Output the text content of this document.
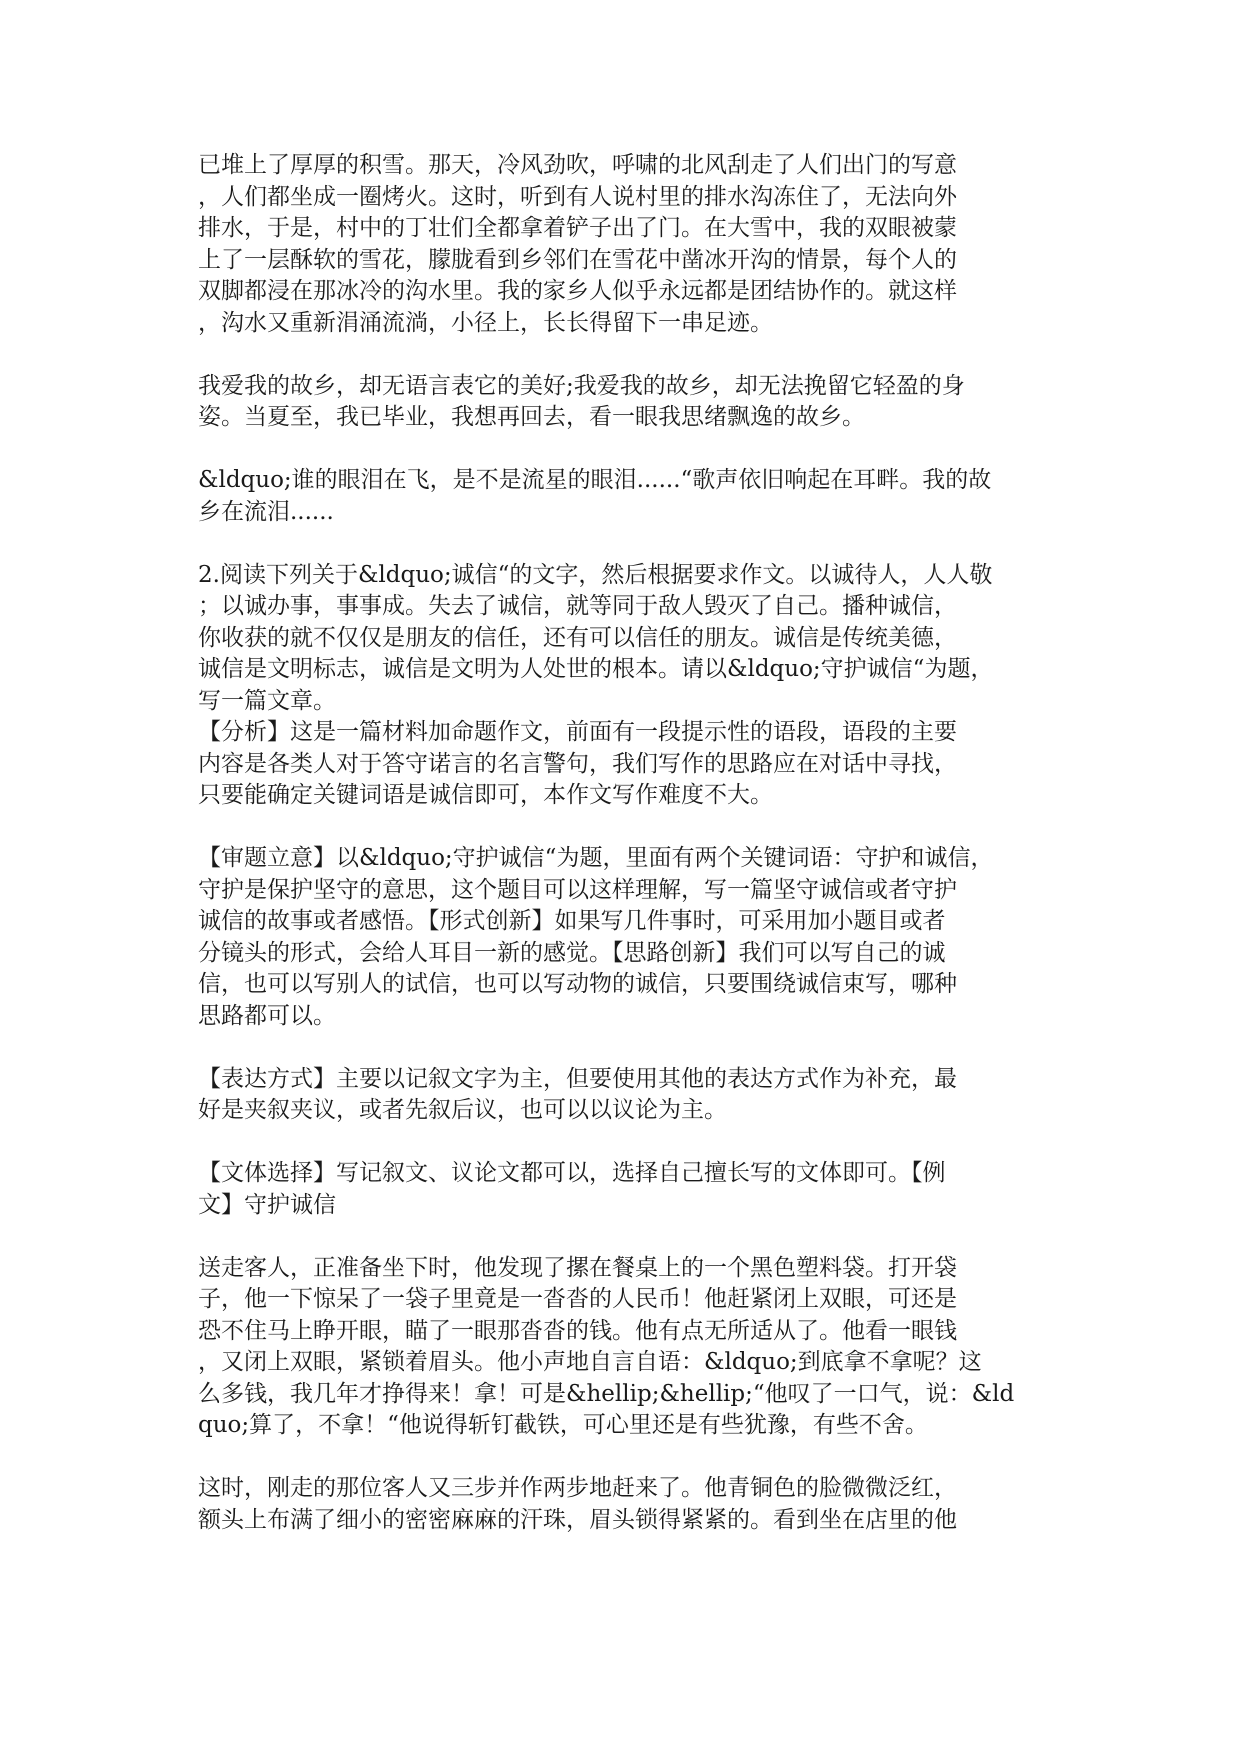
已堆上了厚厚的积雪。那天，冷风劲吹，呼啸的北风刮走了人们出门的写意
，人们都坐成一圈烤火。这时，听到有人说村里的排水沟冻住了，无法向外
排水，于是，村中的丁壮们全都拿着铲子出了门。在大雪中，我的双眼被蒙
上了一层酥软的雪花，朦胧看到乡邻们在雪花中凿冰开沟的情景，每个人的
双脚都浸在那冰冷的沟水里。我的家乡人似乎永远都是团结协作的。就这样
，沟水又重新涓涌流淌，小径上，长长得留下一串足迹。

我爱我的故乡，却无语言表它的美好;我爱我的故乡，却无法挽留它轻盈的身
姿。当夏至，我已毕业，我想再回去，看一眼我思绪飘逸的故乡。

&ldquo;谁的眼泪在飞，是不是流星的眼泪......“歌声依旧响起在耳畔。我的故
乡在流泪......

2.阅读下列关于&ldquo;诚信“的文字，然后根据要求作文。以诚待人，人人敬
；以诚办事，事事成。失去了诚信，就等同于敌人毁灭了自己。播种诚信，
你收获的就不仅仅是朋友的信任，还有可以信任的朋友。诚信是传统美德，
诚信是文明标志，诚信是文明为人处世的根本。请以&ldquo;守护诚信“为题，
写一篇文章。
【分析】这是一篇材料加命题作文，前面有一段提示性的语段，语段的主要
内容是各类人对于答守诺言的名言警句，我们写作的思路应在对话中寻找，
只要能确定关键词语是诚信即可，本作文写作难度不大。

【审题立意】以&ldquo;守护诚信“为题，里面有两个关键词语：守护和诚信，
守护是保护坚守的意思，这个题目可以这样理解，写一篇坚守诚信或者守护
诚信的故事或者感悟。【形式创新】如果写几件事时，可采用加小题目或者
分镜头的形式，会给人耳目一新的感觉。【思路创新】我们可以写自己的诚
信，也可以写别人的试信，也可以写动物的诚信，只要围绕诚信束写，哪种
思路都可以。

【表达方式】主要以记叙文字为主，但要使用其他的表达方式作为补充，最
好是夹叙夹议，或者先叙后议，也可以以议论为主。

【文体选择】写记叙文、议论文都可以，选择自己擅长写的文体即可。【例
文】守护诚信

送走客人，正准备坐下时，他发现了摞在餐桌上的一个黑色塑料袋。打开袋
子，他一下惊呆了一袋子里竟是一沓沓的人民币！他赶紧闭上双眼，可还是
恐不住马上睁开眼，瞄了一眼那沓沓的钱。他有点无所适从了。他看一眼钱
，又闭上双眼，紧锁着眉头。他小声地自言自语：&ldquo;到底拿不拿呢？这
么多钱，我几年才挣得来！拿！可是&hellip;&hellip;“他叹了一口气，说：&ld
quo;算了，不拿！“他说得斩钉截铁，可心里还是有些犹豫，有些不舍。

这时，刚走的那位客人又三步并作两步地赶来了。他青铜色的脸微微泛红，
额头上布满了细小的密密麻麻的汗珠，眉头锁得紧紧的。看到坐在店里的他
